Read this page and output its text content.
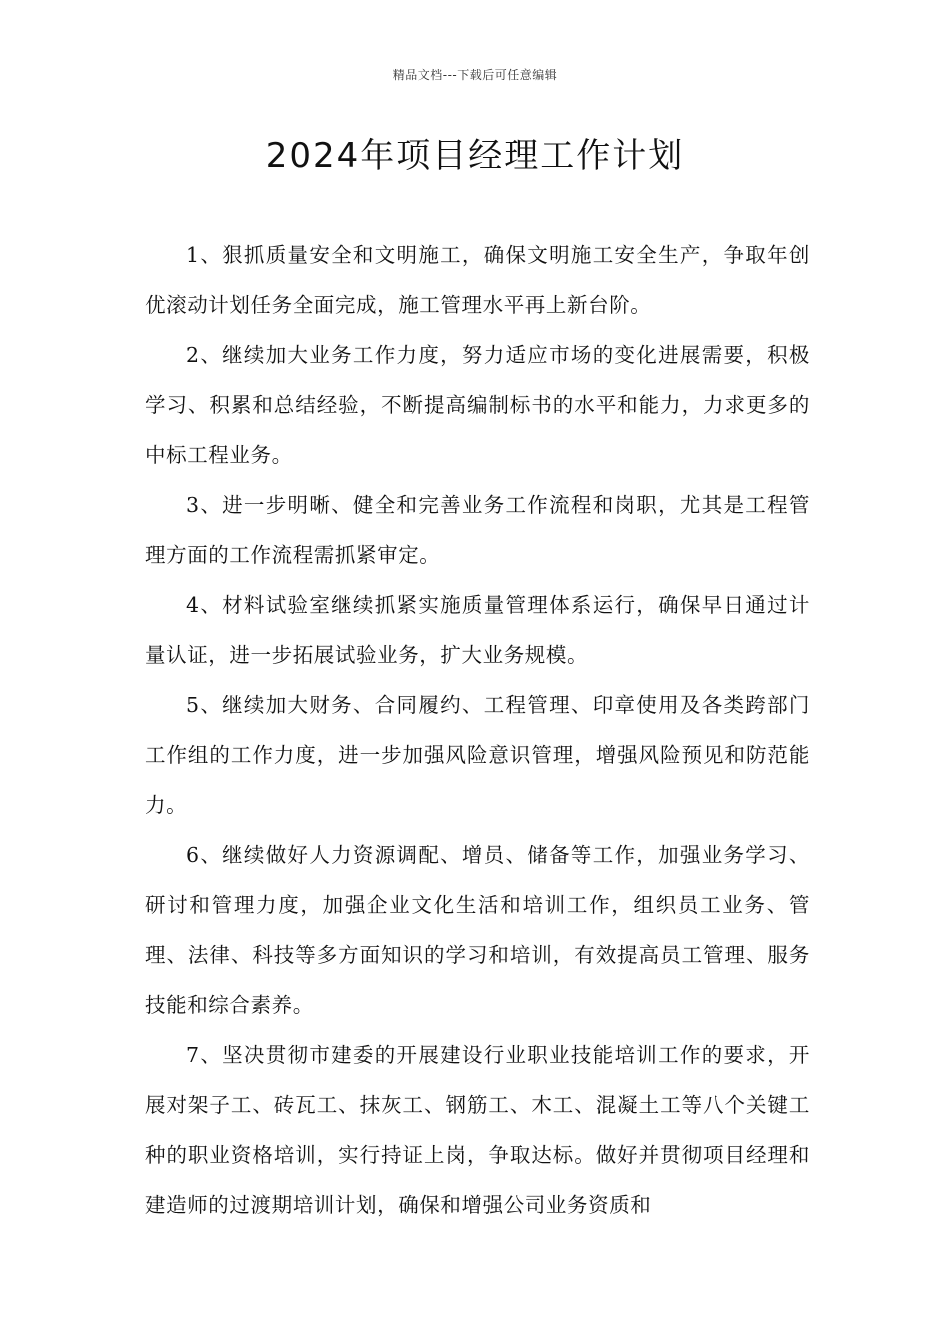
精品文档---下载后可任意编辑
2024年项目经理工作计划

1、狠抓质量安全和文明施工，确保文明施工安全生产，争取年创优滚动计划任务全面完成，施工管理水平再上新台阶。

2、继续加大业务工作力度，努力适应市场的变化进展需要，积极学习、积累和总结经验，不断提高编制标书的水平和能力，力求更多的中标工程业务。

3、进一步明晰、健全和完善业务工作流程和岗职，尤其是工程管理方面的工作流程需抓紧审定。

4、材料试验室继续抓紧实施质量管理体系运行，确保早日通过计量认证，进一步拓展试验业务，扩大业务规模。

5、继续加大财务、合同履约、工程管理、印章使用及各类跨部门工作组的工作力度，进一步加强风险意识管理，增强风险预见和防范能力。

6、继续做好人力资源调配、增员、储备等工作，加强业务学习、研讨和管理力度，加强企业文化生活和培训工作，组织员工业务、管理、法律、科技等多方面知识的学习和培训，有效提高员工管理、服务技能和综合素养。

7、坚决贯彻市建委的开展建设行业职业技能培训工作的要求，开展对架子工、砖瓦工、抹灰工、钢筋工、木工、混凝土工等八个关键工种的职业资格培训，实行持证上岗，争取达标。做好并贯彻项目经理和建造师的过渡期培训计划，确保和增强公司业务资质和
